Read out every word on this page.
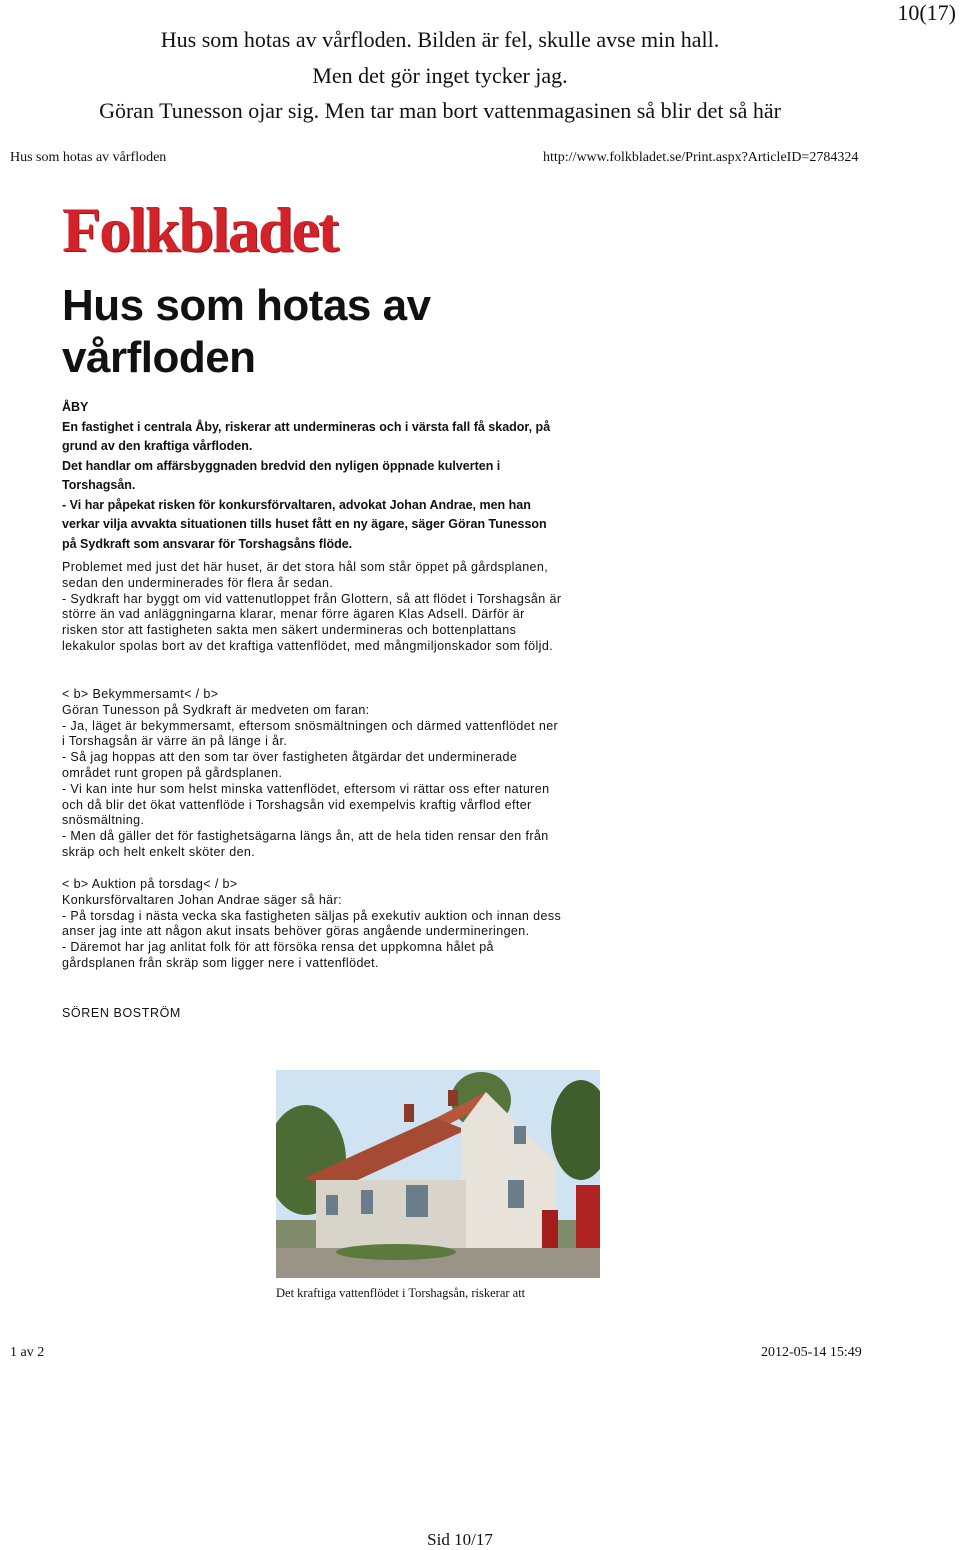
10(17)
Hus som hotas av vårfloden. Bilden är fel, skulle avse min hall.
Men det gör inget tycker jag.
Göran Tunesson ojar sig. Men tar man bort vattenmagasinen så blir det så här
Hus som hotas av vårfloden	http://www.folkbladet.se/Print.aspx?ArticleID=2784324
Folkbladet
Hus som hotas av
vårfloden

ÅBY

En fastighet i centrala Åby, riskerar att undermineras och i värsta fall få skador, på grund av den kraftiga vårfloden.

Det handlar om affärsbyggnaden bredvid den nyligen öppnade kulverten i Torshagsån.

- Vi har påpekat risken för konkursförvaltaren, advokat Johan Andrae, men han verkar vilja avvakta situationen tills huset fått en ny ägare, säger Göran Tunesson på Sydkraft som ansvarar för Torshagsåns flöde.

Problemet med just det här huset, är det stora hål som står öppet på gårdsplanen, sedan den underminerades för flera år sedan.

- Sydkraft har byggt om vid vattenutloppet från Glottern, så att flödet i Torshagsån är större än vad anläggningarna klarar, menar förre ägaren Klas Adsell. Därför är risken stor att fastigheten sakta men säkert undermineras och bottenplattans lekakulor spolas bort av det kraftiga vattenflödet, med mångmiljonskador som följd.

< b> Bekymmersamt< / b>

Göran Tunesson på Sydkraft är medveten om faran:

- Ja, läget är bekymmersamt, eftersom snösmältningen och därmed vattenflödet ner i Torshagsån är värre än på länge i år.

- Så jag hoppas att den som tar över fastigheten åtgärdar det underminerade området runt gropen på gårdsplanen.

- Vi kan inte hur som helst minska vattenflödet, eftersom vi rättar oss efter naturen och då blir det ökat vattenflöde i Torshagsån vid exempelvis kraftig vårflod efter snösmältning.

- Men då gäller det för fastighetsägarna längs ån, att de hela tiden rensar den från skräp och helt enkelt sköter den.

< b> Auktion på torsdag< / b>

Konkursförvaltaren Johan Andrae säger så här:

- På torsdag i nästa vecka ska fastigheten säljas på exekutiv auktion och innan dess anser jag inte att någon akut insats behöver göras angående undermineringen.

- Däremot har jag anlitat folk för att försöka rensa det uppkomna hålet på gårdsplanen från skräp som ligger nere i vattenflödet.

SÖREN BOSTRÖM
Det kraftiga vattenflödet i Torshagsån, riskerar att
1 av 2	2012-05-14 15:49
Sid 10/17
